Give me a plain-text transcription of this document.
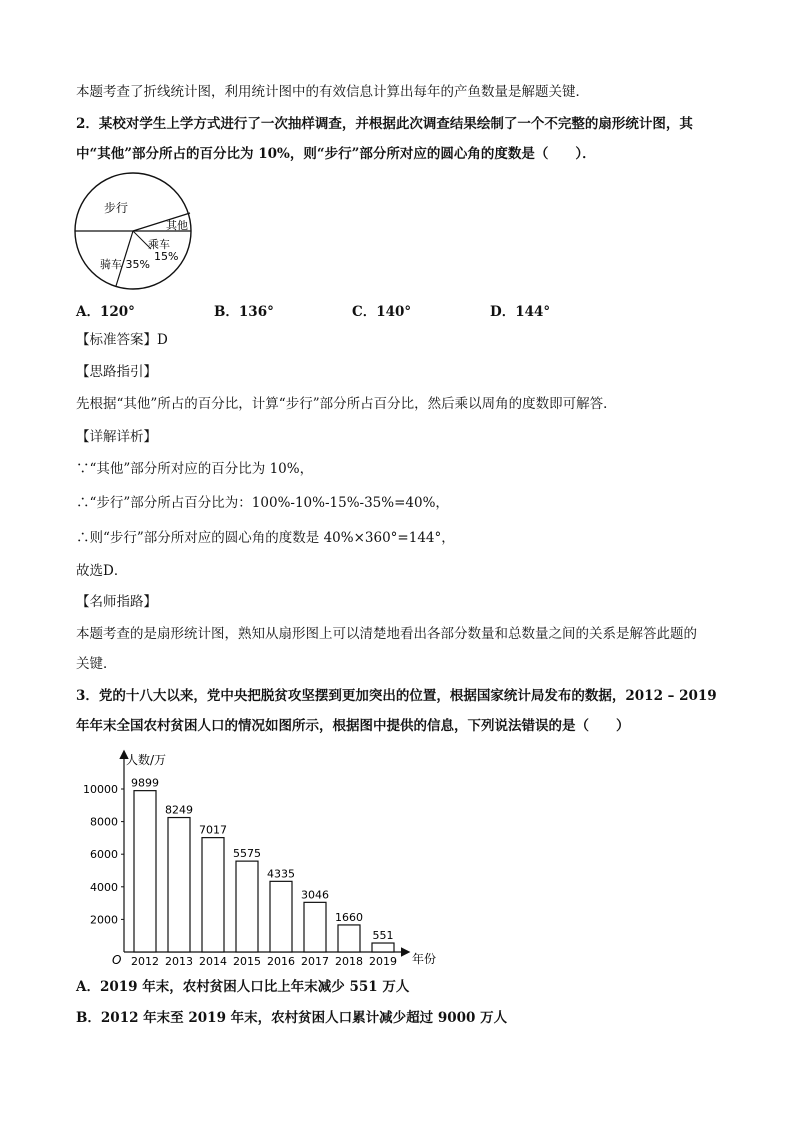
本题考查了折线统计图，利用统计图中的有效信息计算出每年的产鱼数量是解题关键．
2．某校对学生上学方式进行了一次抽样调查，并根据此次调查结果绘制了一个不完整的扇形统计图，其
中“其他”部分所占的百分比为 10%，则“步行”部分所对应的圆心角的度数是（　　）．
步行
其他
乘车
15%
骑车 35%
A．120°	B．136°	C．140°	D．144°
【标准答案】D
【思路指引】
先根据“其他”所占的百分比，计算“步行”部分所占百分比，然后乘以周角的度数即可解答．
【详解详析】
∵“其他”部分所对应的百分比为 10%，
∴“步行”部分所占百分比为：100%-10%-15%-35%=40%，
∴则“步行”部分所对应的圆心角的度数是 40%×360°=144°，
故选D．
【名师指路】
本题考查的是扇形统计图，熟知从扇形图上可以清楚地看出各部分数量和总数量之间的关系是解答此题的
关键．
3．党的十八大以来，党中央把脱贫攻坚摆到更加突出的位置，根据国家统计局发布的数据，2012 – 2019
年年末全国农村贫困人口的情况如图所示，根据图中提供的信息，下列说法错误的是（　　）
人数/万
年份
O
2000
4000
6000
8000
10000 9899
2012
8249
2013
7017
2014
5575
2015
4335
2016
3046
2017
1660
2018
551
2019
A．2019 年末，农村贫困人口比上年末减少 551 万人
B．2012 年末至 2019 年末，农村贫困人口累计减少超过 9000 万人
